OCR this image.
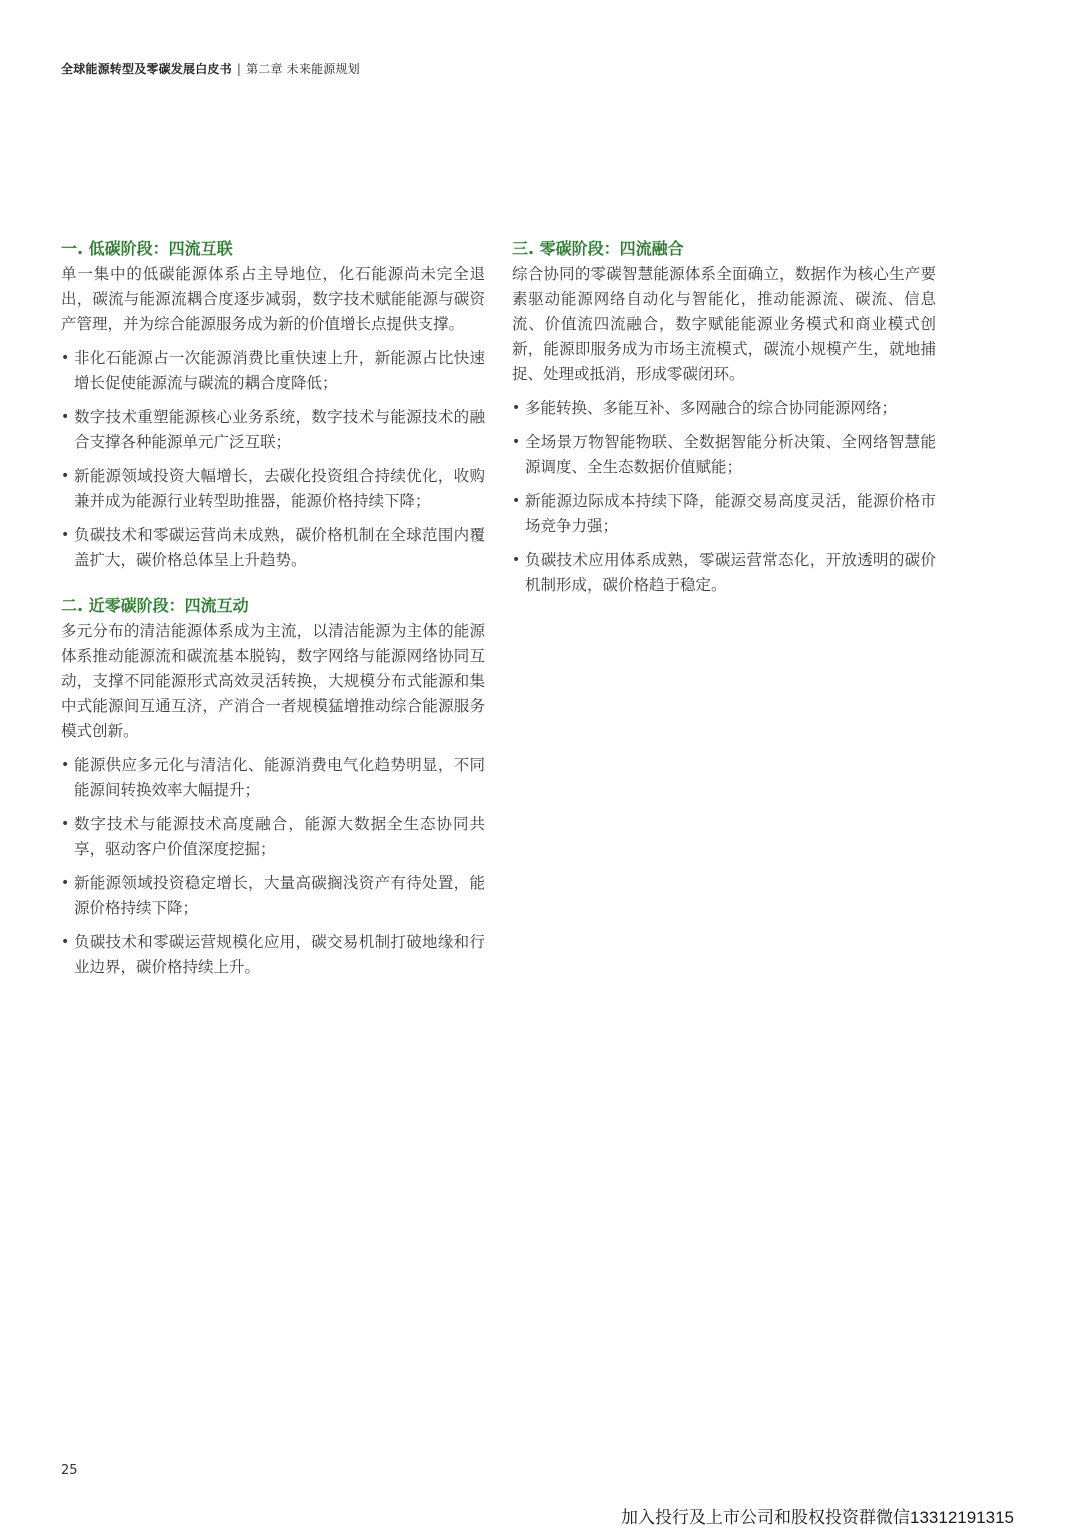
全球能源转型及零碳发展白皮书 | 第二章 未来能源规划
一. 低碳阶段：四流互联

单一集中的低碳能源体系占主导地位，化石能源尚未完全退出，碳流与能源流耦合度逐步减弱，数字技术赋能能源与碳资产管理，并为综合能源服务成为新的价值增长点提供支撑。

• 非化石能源占一次能源消费比重快速上升，新能源占比快速增长促使能源流与碳流的耦合度降低；
• 数字技术重塑能源核心业务系统，数字技术与能源技术的融合支撑各种能源单元广泛互联；
• 新能源领域投资大幅增长，去碳化投资组合持续优化，收购兼并成为能源行业转型助推器，能源价格持续下降；
• 负碳技术和零碳运营尚未成熟，碳价格机制在全球范围内覆盖扩大，碳价格总体呈上升趋势。
二. 近零碳阶段：四流互动

多元分布的清洁能源体系成为主流，以清洁能源为主体的能源体系推动能源流和碳流基本脱钩，数字网络与能源网络协同互动，支撑不同能源形式高效灵活转换，大规模分布式能源和集中式能源间互通互济，产消合一者规模猛增推动综合能源服务模式创新。

• 能源供应多元化与清洁化、能源消费电气化趋势明显，不同能源间转换效率大幅提升；
• 数字技术与能源技术高度融合，能源大数据全生态协同共享，驱动客户价值深度挖掘；
• 新能源领域投资稳定增长，大量高碳搁浅资产有待处置，能源价格持续下降；
• 负碳技术和零碳运营规模化应用，碳交易机制打破地缘和行业边界，碳价格持续上升。
三. 零碳阶段：四流融合

综合协同的零碳智慧能源体系全面确立，数据作为核心生产要素驱动能源网络自动化与智能化，推动能源流、碳流、信息流、价值流四流融合，数字赋能能源业务模式和商业模式创新，能源即服务成为市场主流模式，碳流小规模产生，就地捕捉、处理或抵消，形成零碳闭环。

• 多能转换、多能互补、多网融合的综合协同能源网络；
• 全场景万物智能物联、全数据智能分析决策、全网络智慧能源调度、全生态数据价值赋能；
• 新能源边际成本持续下降，能源交易高度灵活，能源价格市场竞争力强；
• 负碳技术应用体系成熟，零碳运营常态化，开放透明的碳价机制形成，碳价格趋于稳定。
25
加入投行及上市公司和股权投资群微信13312191315
